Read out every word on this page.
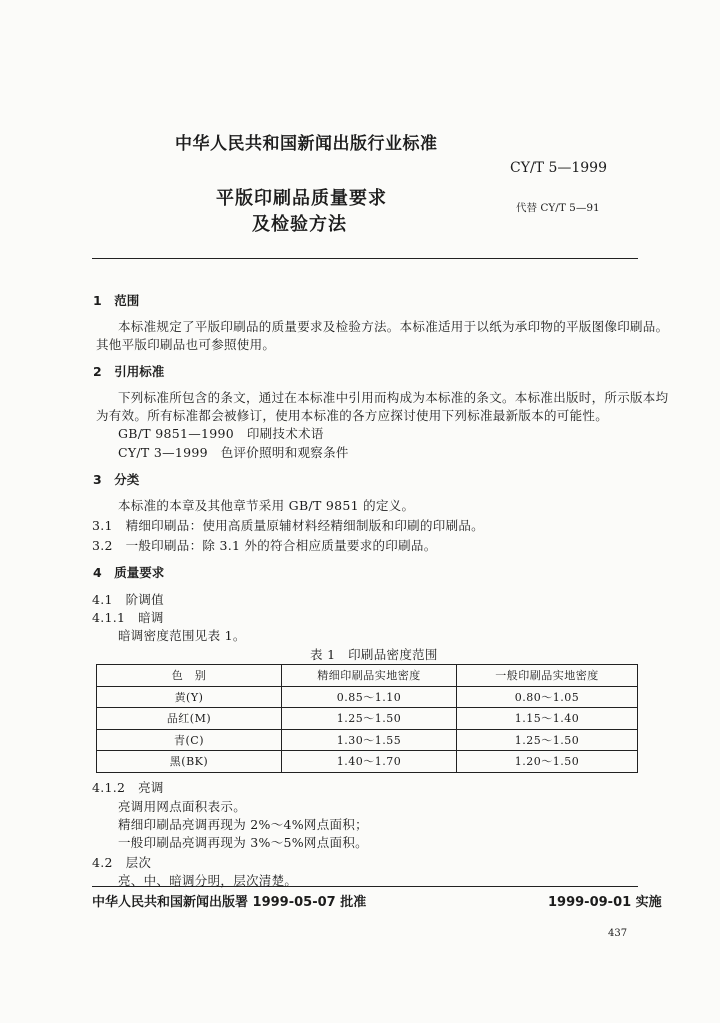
中华人民共和国新闻出版行业标准
CY/T 5—1999
平版印刷品质量要求
及检验方法
代替 CY/T 5—91
1　范围
本标准规定了平版印刷品的质量要求及检验方法。本标准适用于以纸为承印物的平版图像印刷品。
其他平版印刷品也可参照使用。
2　引用标准
下列标准所包含的条文，通过在本标准中引用而构成为本标准的条文。本标准出版时，所示版本均
为有效。所有标准都会被修订，使用本标准的各方应探讨使用下列标准最新版本的可能性。
GB/T 9851—1990　印刷技术术语
CY/T 3—1999　色评价照明和观察条件
3　分类
本标准的本章及其他章节采用 GB/T 9851 的定义。
3.1　精细印刷品：使用高质量原辅材料经精细制版和印刷的印刷品。
3.2　一般印刷品：除 3.1 外的符合相应质量要求的印刷品。
4　质量要求
4.1　阶调值
4.1.1　暗调
暗调密度范围见表 1。
表 1　印刷品密度范围
色　别	精细印刷品实地密度	一般印刷品实地密度
黄(Y)	0.85～1.10	0.80～1.05
品红(M)	1.25～1.50	1.15～1.40
青(C)	1.30～1.55	1.25～1.50
黑(BK)	1.40～1.70	1.20～1.50
4.1.2　亮调
亮调用网点面积表示。
精细印刷品亮调再现为 2%～4%网点面积；
一般印刷品亮调再现为 3%～5%网点面积。
4.2　层次
亮、中、暗调分明，层次清楚。
中华人民共和国新闻出版署 1999-05-07 批准	1999-09-01 实施
437
